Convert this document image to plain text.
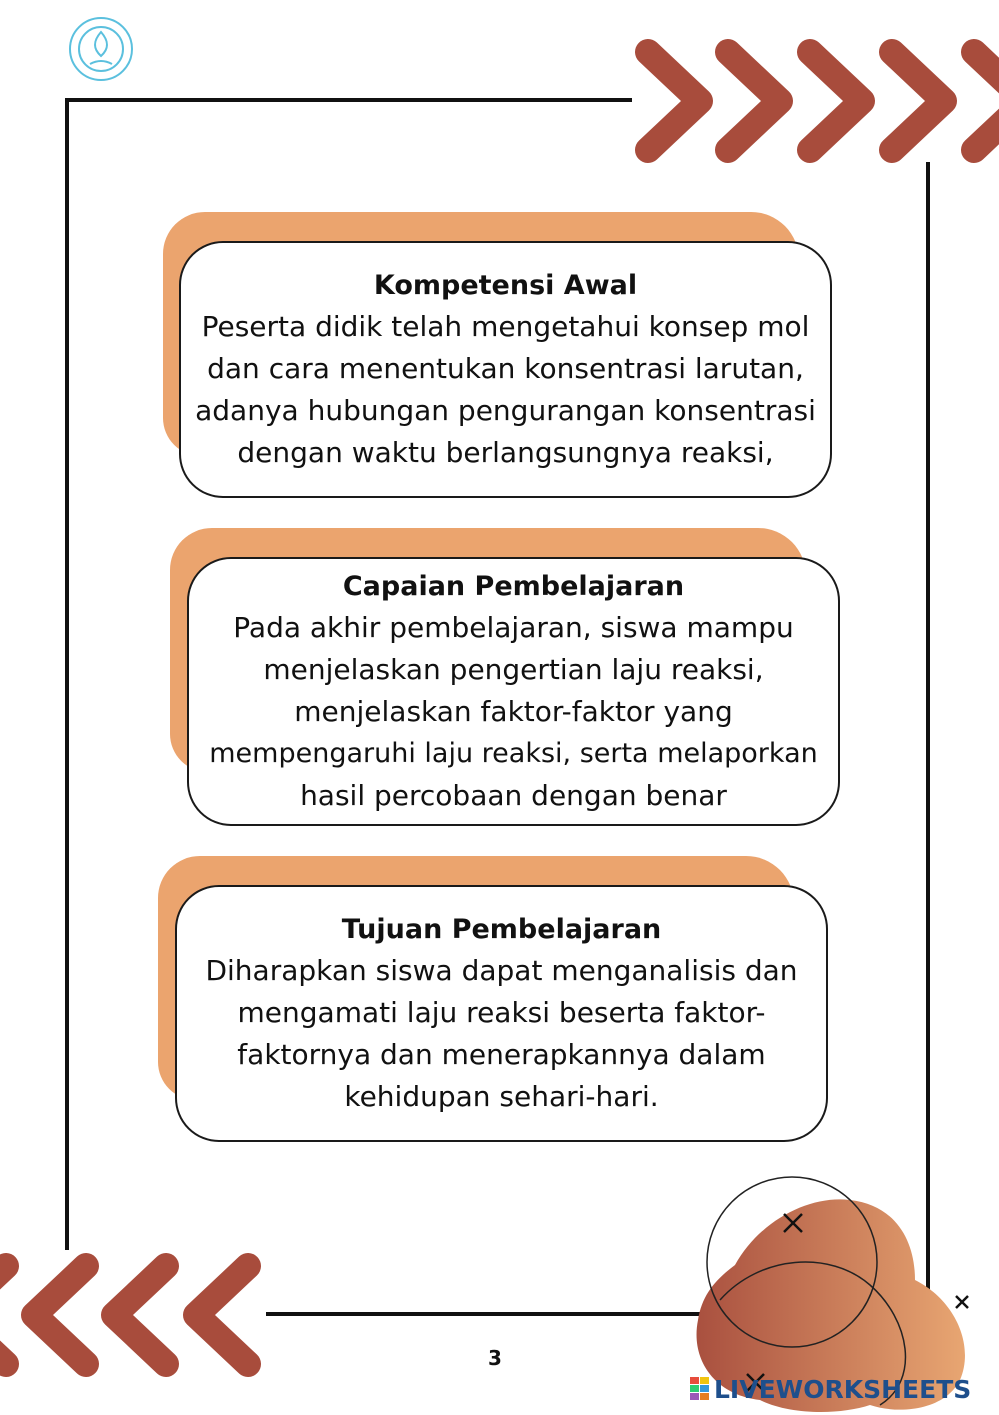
Kompetensi Awal
Peserta didik telah mengetahui konsep mol
dan cara menentukan konsentrasi larutan,
adanya hubungan pengurangan konsentrasi
dengan waktu berlangsungnya reaksi,
Capaian Pembelajaran
Pada akhir pembelajaran, siswa mampu
menjelaskan pengertian laju reaksi,
menjelaskan faktor-faktor yang
mempengaruhi laju reaksi, serta melaporkan
hasil percobaan dengan benar
Tujuan Pembelajaran
Diharapkan siswa dapat menganalisis dan
mengamati laju reaksi beserta faktor-
faktornya dan menerapkannya dalam
kehidupan sehari-hari.
3
LIVEWORKSHEETS
